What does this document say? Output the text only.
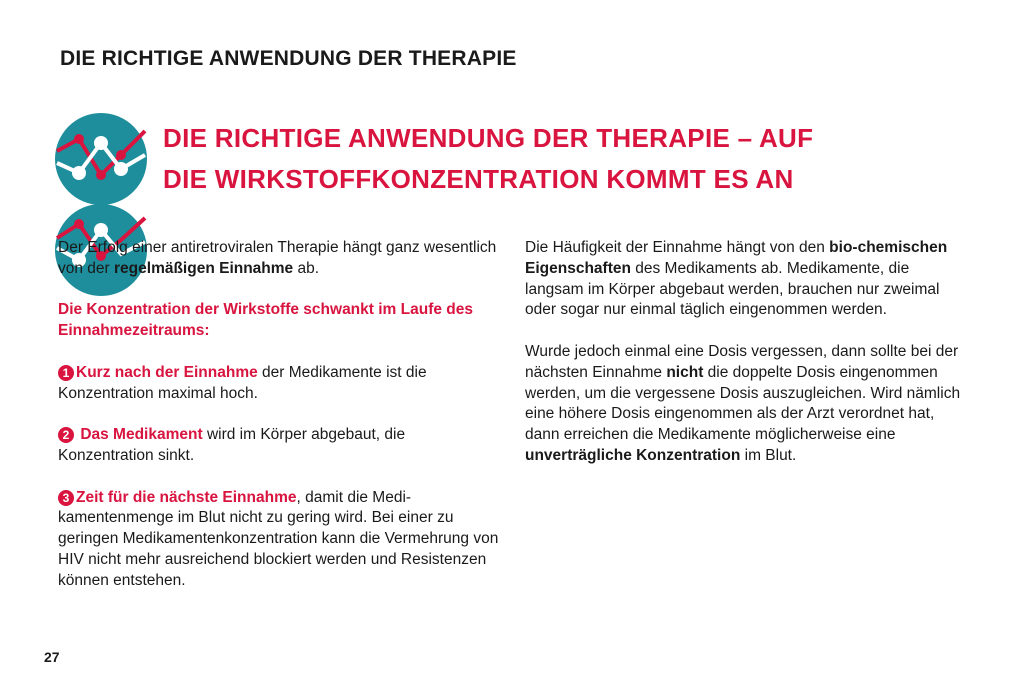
DIE RICHTIGE ANWENDUNG DER THERAPIE
DIE RICHTIGE ANWENDUNG DER THERAPIE – AUF
DIE WIRKSTOFFKONZENTRATION KOMMT ES AN

Der Erfolg einer antiretroviralen Therapie hängt ganz wesentlich von der regelmäßigen Einnahme ab.

Die Konzentration der Wirkstoffe schwankt im Laufe des Einnahmezeitraums:

1 Kurz nach der Einnahme der Medikamente ist die Konzentration maximal hoch.

2 Das Medikament wird im Körper abgebaut, die Konzentration sinkt.

3 Zeit für die nächste Einnahme, damit die Medi-kamentenmenge im Blut nicht zu gering wird. Bei einer zu geringen Medikamentenkonzentration kann die Vermehrung von HIV nicht mehr ausreichend blockiert werden und Resistenzen können entstehen.

Die Häufigkeit der Einnahme hängt von den bio-chemischen Eigenschaften des Medikaments ab. Medikamente, die langsam im Körper abgebaut werden, brauchen nur zweimal oder sogar nur einmal täglich eingenommen werden.

Wurde jedoch einmal eine Dosis vergessen, dann sollte bei der nächsten Einnahme nicht die doppelte Dosis eingenommen werden, um die vergessene Dosis auszugleichen. Wird nämlich eine höhere Dosis eingenommen als der Arzt verordnet hat, dann erreichen die Medikamente möglicherweise eine unverträgliche Konzentration im Blut.

27
